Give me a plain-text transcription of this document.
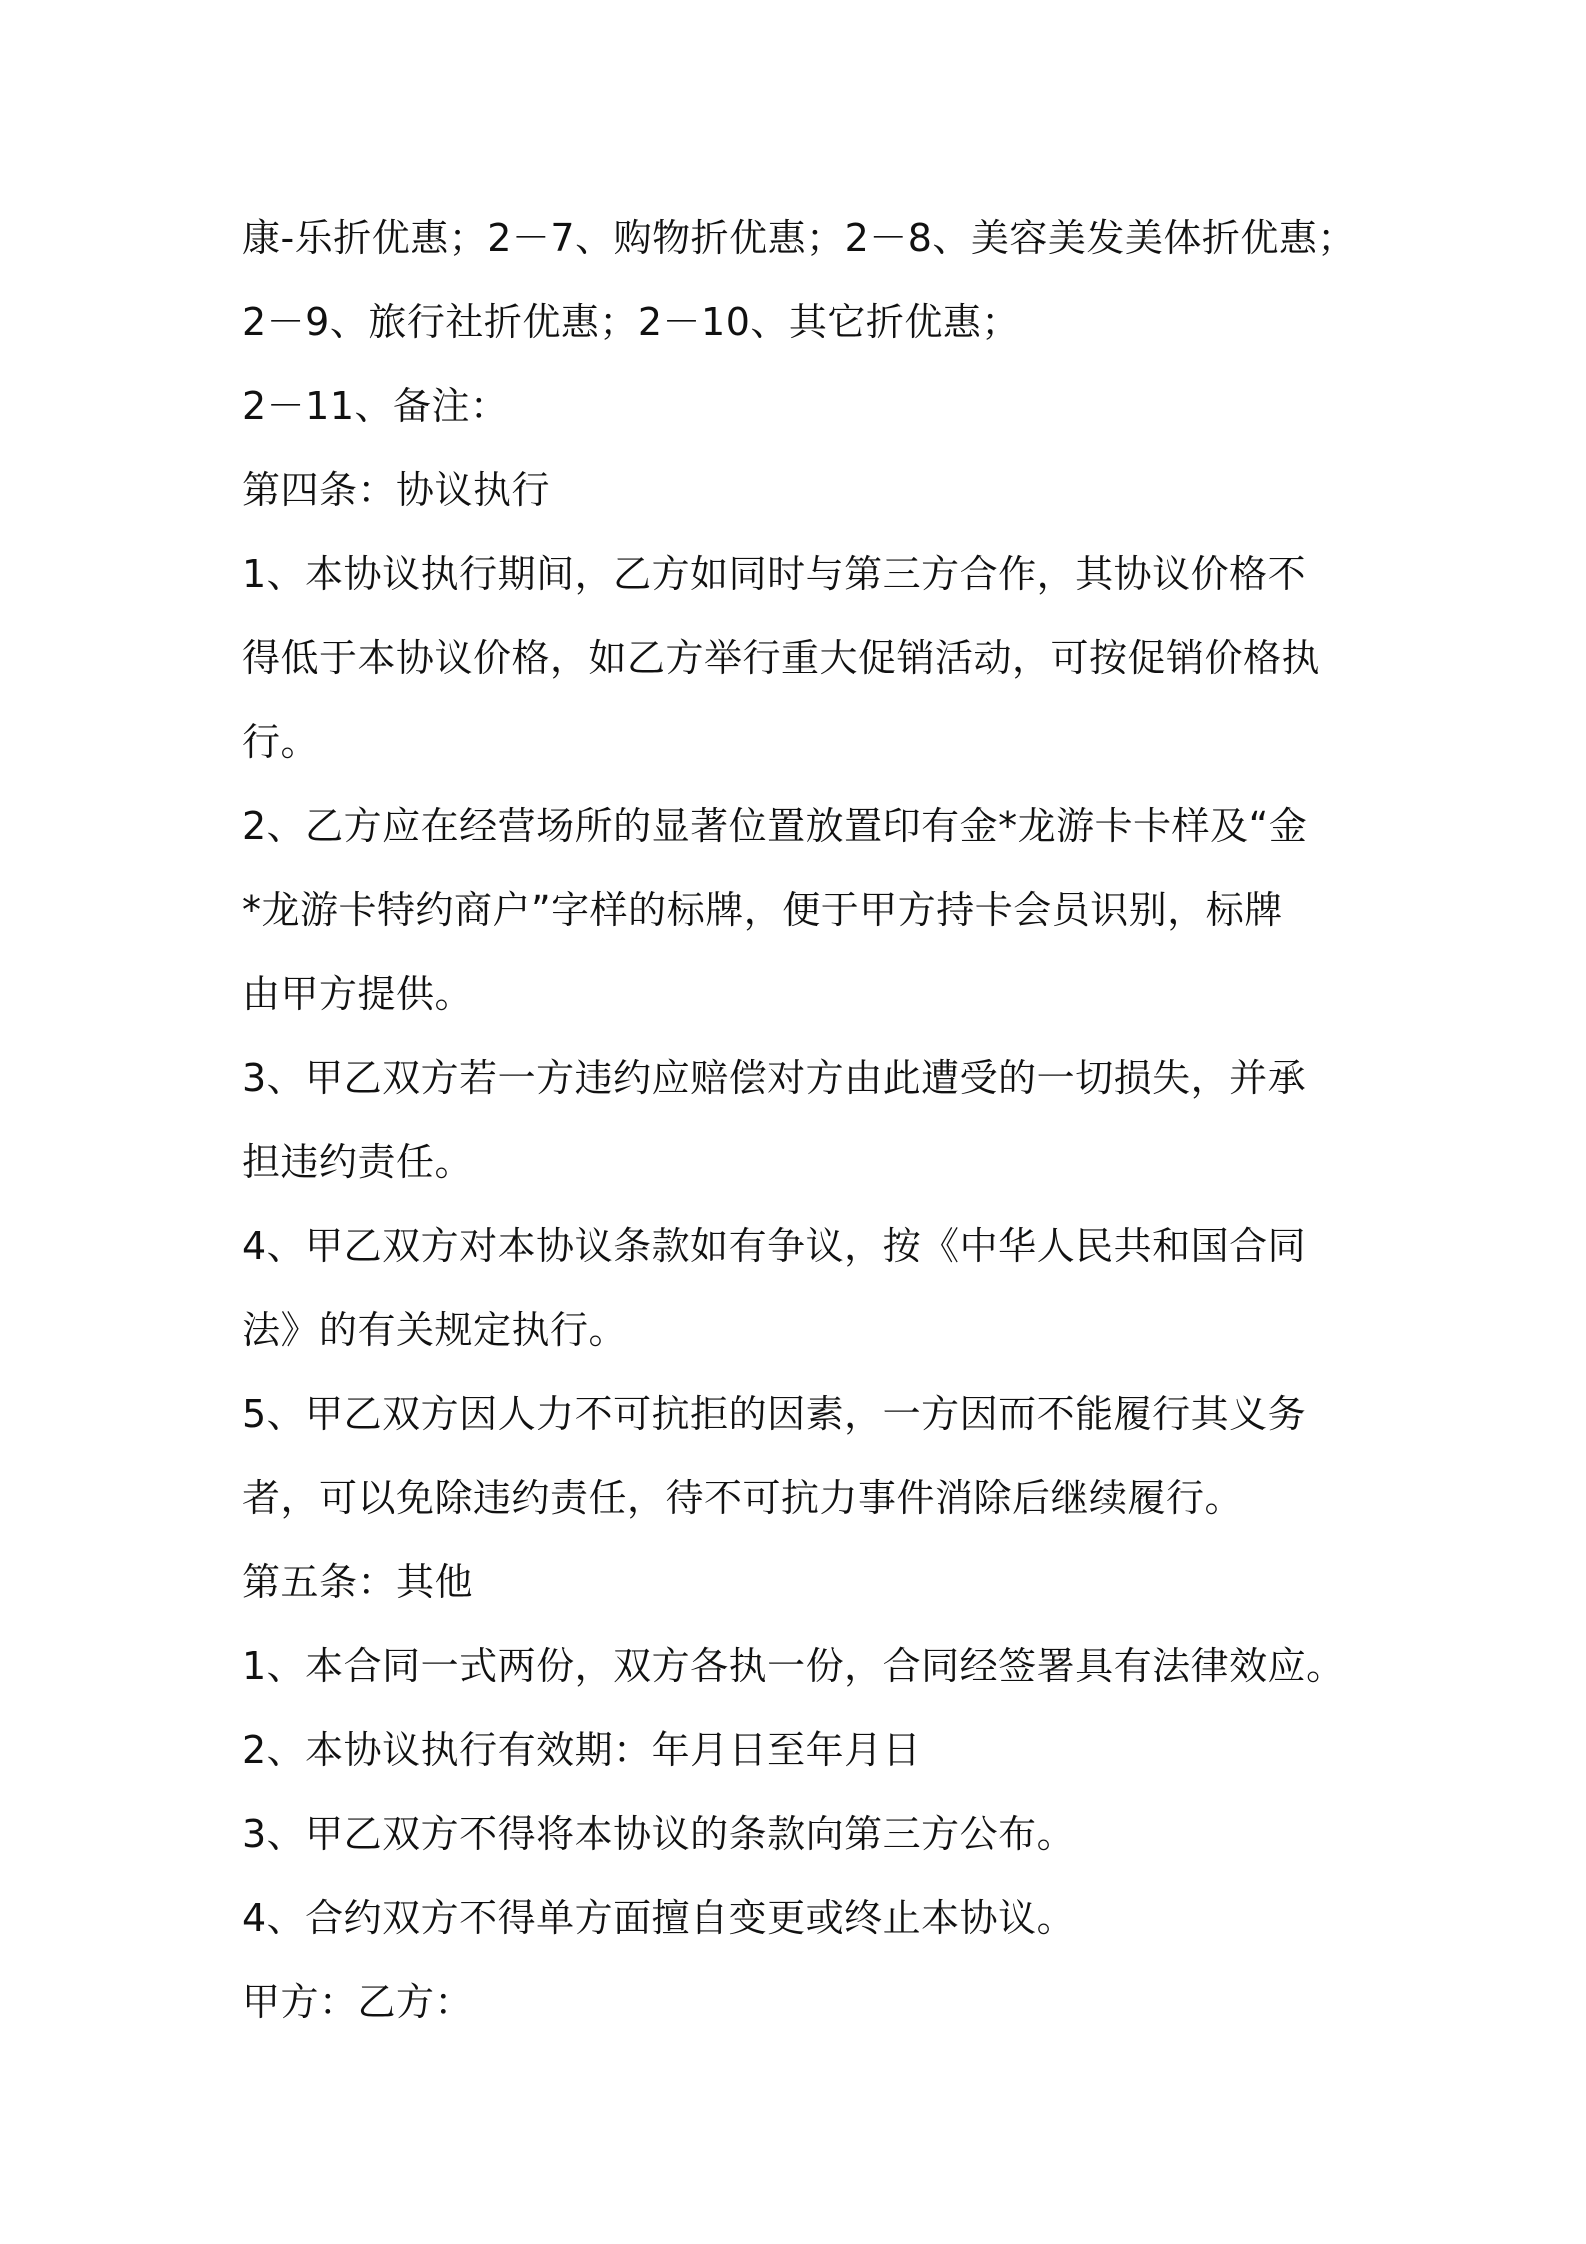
康-乐折优惠；2－7、购物折优惠；2－8、美容美发美体折优惠；
2－9、旅行社折优惠；2－10、其它折优惠；
2－11、备注：
第四条：协议执行
1、本协议执行期间，乙方如同时与第三方合作，其协议价格不
得低于本协议价格，如乙方举行重大促销活动，可按促销价格执
行。
2、乙方应在经营场所的显著位置放置印有金*龙游卡卡样及“金
*龙游卡特约商户”字样的标牌，便于甲方持卡会员识别，标牌
由甲方提供。
3、甲乙双方若一方违约应赔偿对方由此遭受的一切损失，并承
担违约责任。
4、甲乙双方对本协议条款如有争议，按《中华人民共和国合同
法》的有关规定执行。
5、甲乙双方因人力不可抗拒的因素，一方因而不能履行其义务
者，可以免除违约责任，待不可抗力事件消除后继续履行。
第五条：其他
1、本合同一式两份，双方各执一份，合同经签署具有法律效应。
2、本协议执行有效期：年月日至年月日
3、甲乙双方不得将本协议的条款向第三方公布。
4、合约双方不得单方面擅自变更或终止本协议。
甲方：乙方：
